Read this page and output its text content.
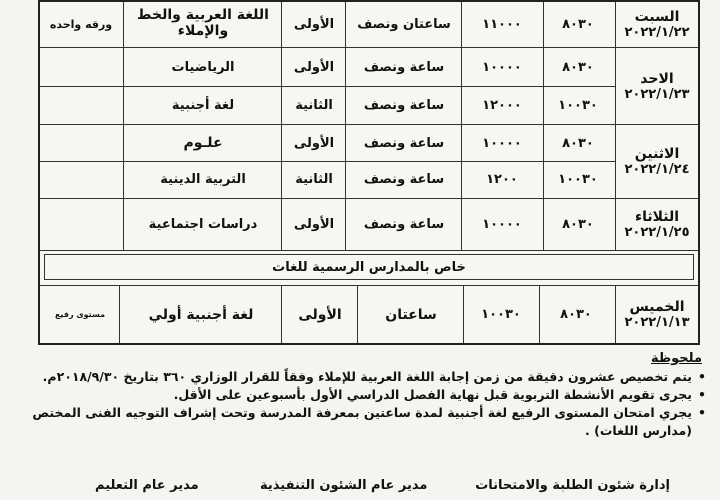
السبت
٢٠٢٢/١/٢٢
٨٠٣٠
١١٠٠٠
ساعتان ونصف
الأولى
اللغة العربية والخط والإملاء
ورقه واحده
الاحد
٢٠٢٢/١/٢٣
٨٠٣٠
١٠٠٠٠
ساعة ونصف
الأولى
الرياضيات
١٠٠٣٠
١٢٠٠٠
ساعة ونصف
الثانية
لغة أجنبية
الاثنين
٢٠٢٢/١/٢٤
٨٠٣٠
١٠٠٠٠
ساعة ونصف
الأولى
علـوم
١٠٠٣٠
١٢٠٠
ساعة ونصف
الثانية
التربية الدينية
الثلاثاء
٢٠٢٢/١/٢٥
٨٠٣٠
١٠٠٠٠
ساعة ونصف
الأولى
دراسات اجتماعية
خاص بالمدارس الرسمية للغات
الخميس
٢٠٢٢/١/١٣
٨٠٣٠
١٠٠٣٠
ساعتان
الأولى
لغة أجنبية أولي
مستوى رفيع
ملحوظة
• يتم تخصيص عشرون دقيقة من زمن إجابة اللغة العربية للإملاء وفقاً للقرار الوزاري ٣٦٠ بتاريخ ٢٠١٨/٩/٣٠م.
• يجرى تقويم الأنشطة التربوية قبل نهاية الفصل الدراسي الأول بأسبوعين على الأقل.
• يجري امتحان المستوى الرفيع لغة أجنبية لمدة ساعتين بمعرفة المدرسة وتحت إشراف التوجيه الفنى المختص (مدارس اللغات) .
إدارة شئون الطلبة والامتحانات
مدير عام الشئون التنفيذية
مدير عام التعليم
